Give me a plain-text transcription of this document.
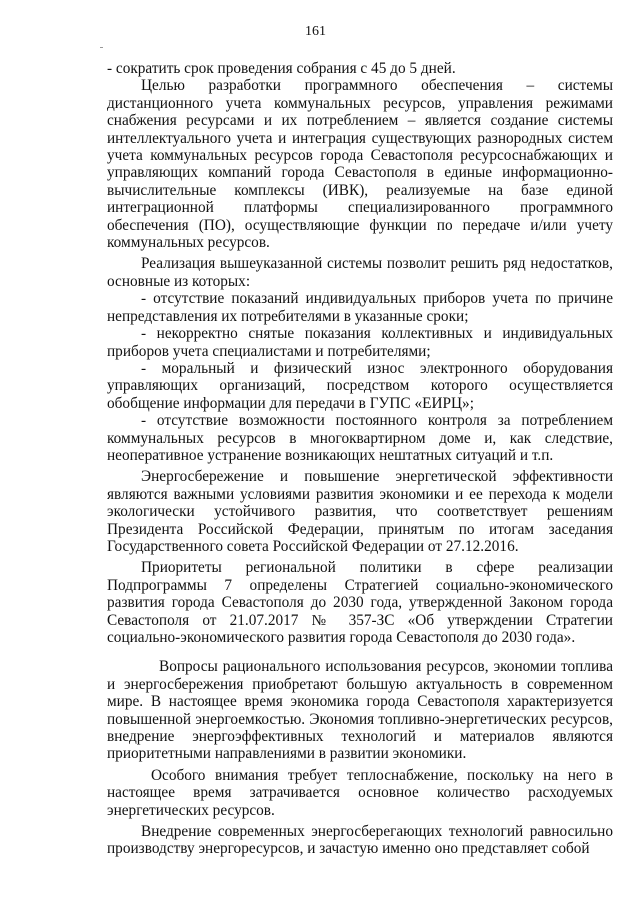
161

- сократить срок проведения собрания с 45 до 5 дней.

Целью разработки программного обеспечения – системы дистанционного учета коммунальных ресурсов, управления режимами снабжения ресурсами и их потреблением – является создание системы интеллектуального учета и интеграция существующих разнородных систем учета коммунальных ресурсов города Севастополя ресурсоснабжающих и управляющих компаний города Севастополя в единые информационно-вычислительные комплексы (ИВК), реализуемые на базе единой интеграционной платформы специализированного программного обеспечения (ПО), осуществляющие функции по передаче и/или учету коммунальных ресурсов.

Реализация вышеуказанной системы позволит решить ряд недостатков, основные из которых:

- отсутствие показаний индивидуальных приборов учета по причине непредставления их потребителями в указанные сроки;

- некорректно снятые показания коллективных и индивидуальных приборов учета специалистами и потребителями;

- моральный и физический износ электронного оборудования управляющих организаций, посредством которого осуществляется обобщение информации для передачи в ГУПС «ЕИРЦ»;

- отсутствие возможности постоянного контроля за потреблением коммунальных ресурсов в многоквартирном доме и, как следствие, неоперативное устранение возникающих нештатных ситуаций и т.п.

Энергосбережение и повышение энергетической эффективности являются важными условиями развития экономики и ее перехода к модели экологически устойчивого развития, что соответствует решениям Президента Российской Федерации, принятым по итогам заседания Государственного совета Российской Федерации от 27.12.2016.

Приоритеты региональной политики в сфере реализации Подпрограммы 7 определены Стратегией социально-экономического развития города Севастополя до 2030 года, утвержденной Законом города Севастополя от 21.07.2017 № 357-ЗС «Об утверждении Стратегии социально-экономического развития города Севастополя до 2030 года».

Вопросы рационального использования ресурсов, экономии топлива и энергосбережения приобретают большую актуальность в современном мире. В настоящее время экономика города Севастополя характеризуется повышенной энергоемкостью. Экономия топливно-энергетических ресурсов, внедрение энергоэффективных технологий и материалов являются приоритетными направлениями в развитии экономики.

Особого внимания требует теплоснабжение, поскольку на него в настоящее время затрачивается основное количество расходуемых энергетических ресурсов.

Внедрение современных энергосберегающих технологий равносильно производству энергоресурсов, и зачастую именно оно представляет собой
